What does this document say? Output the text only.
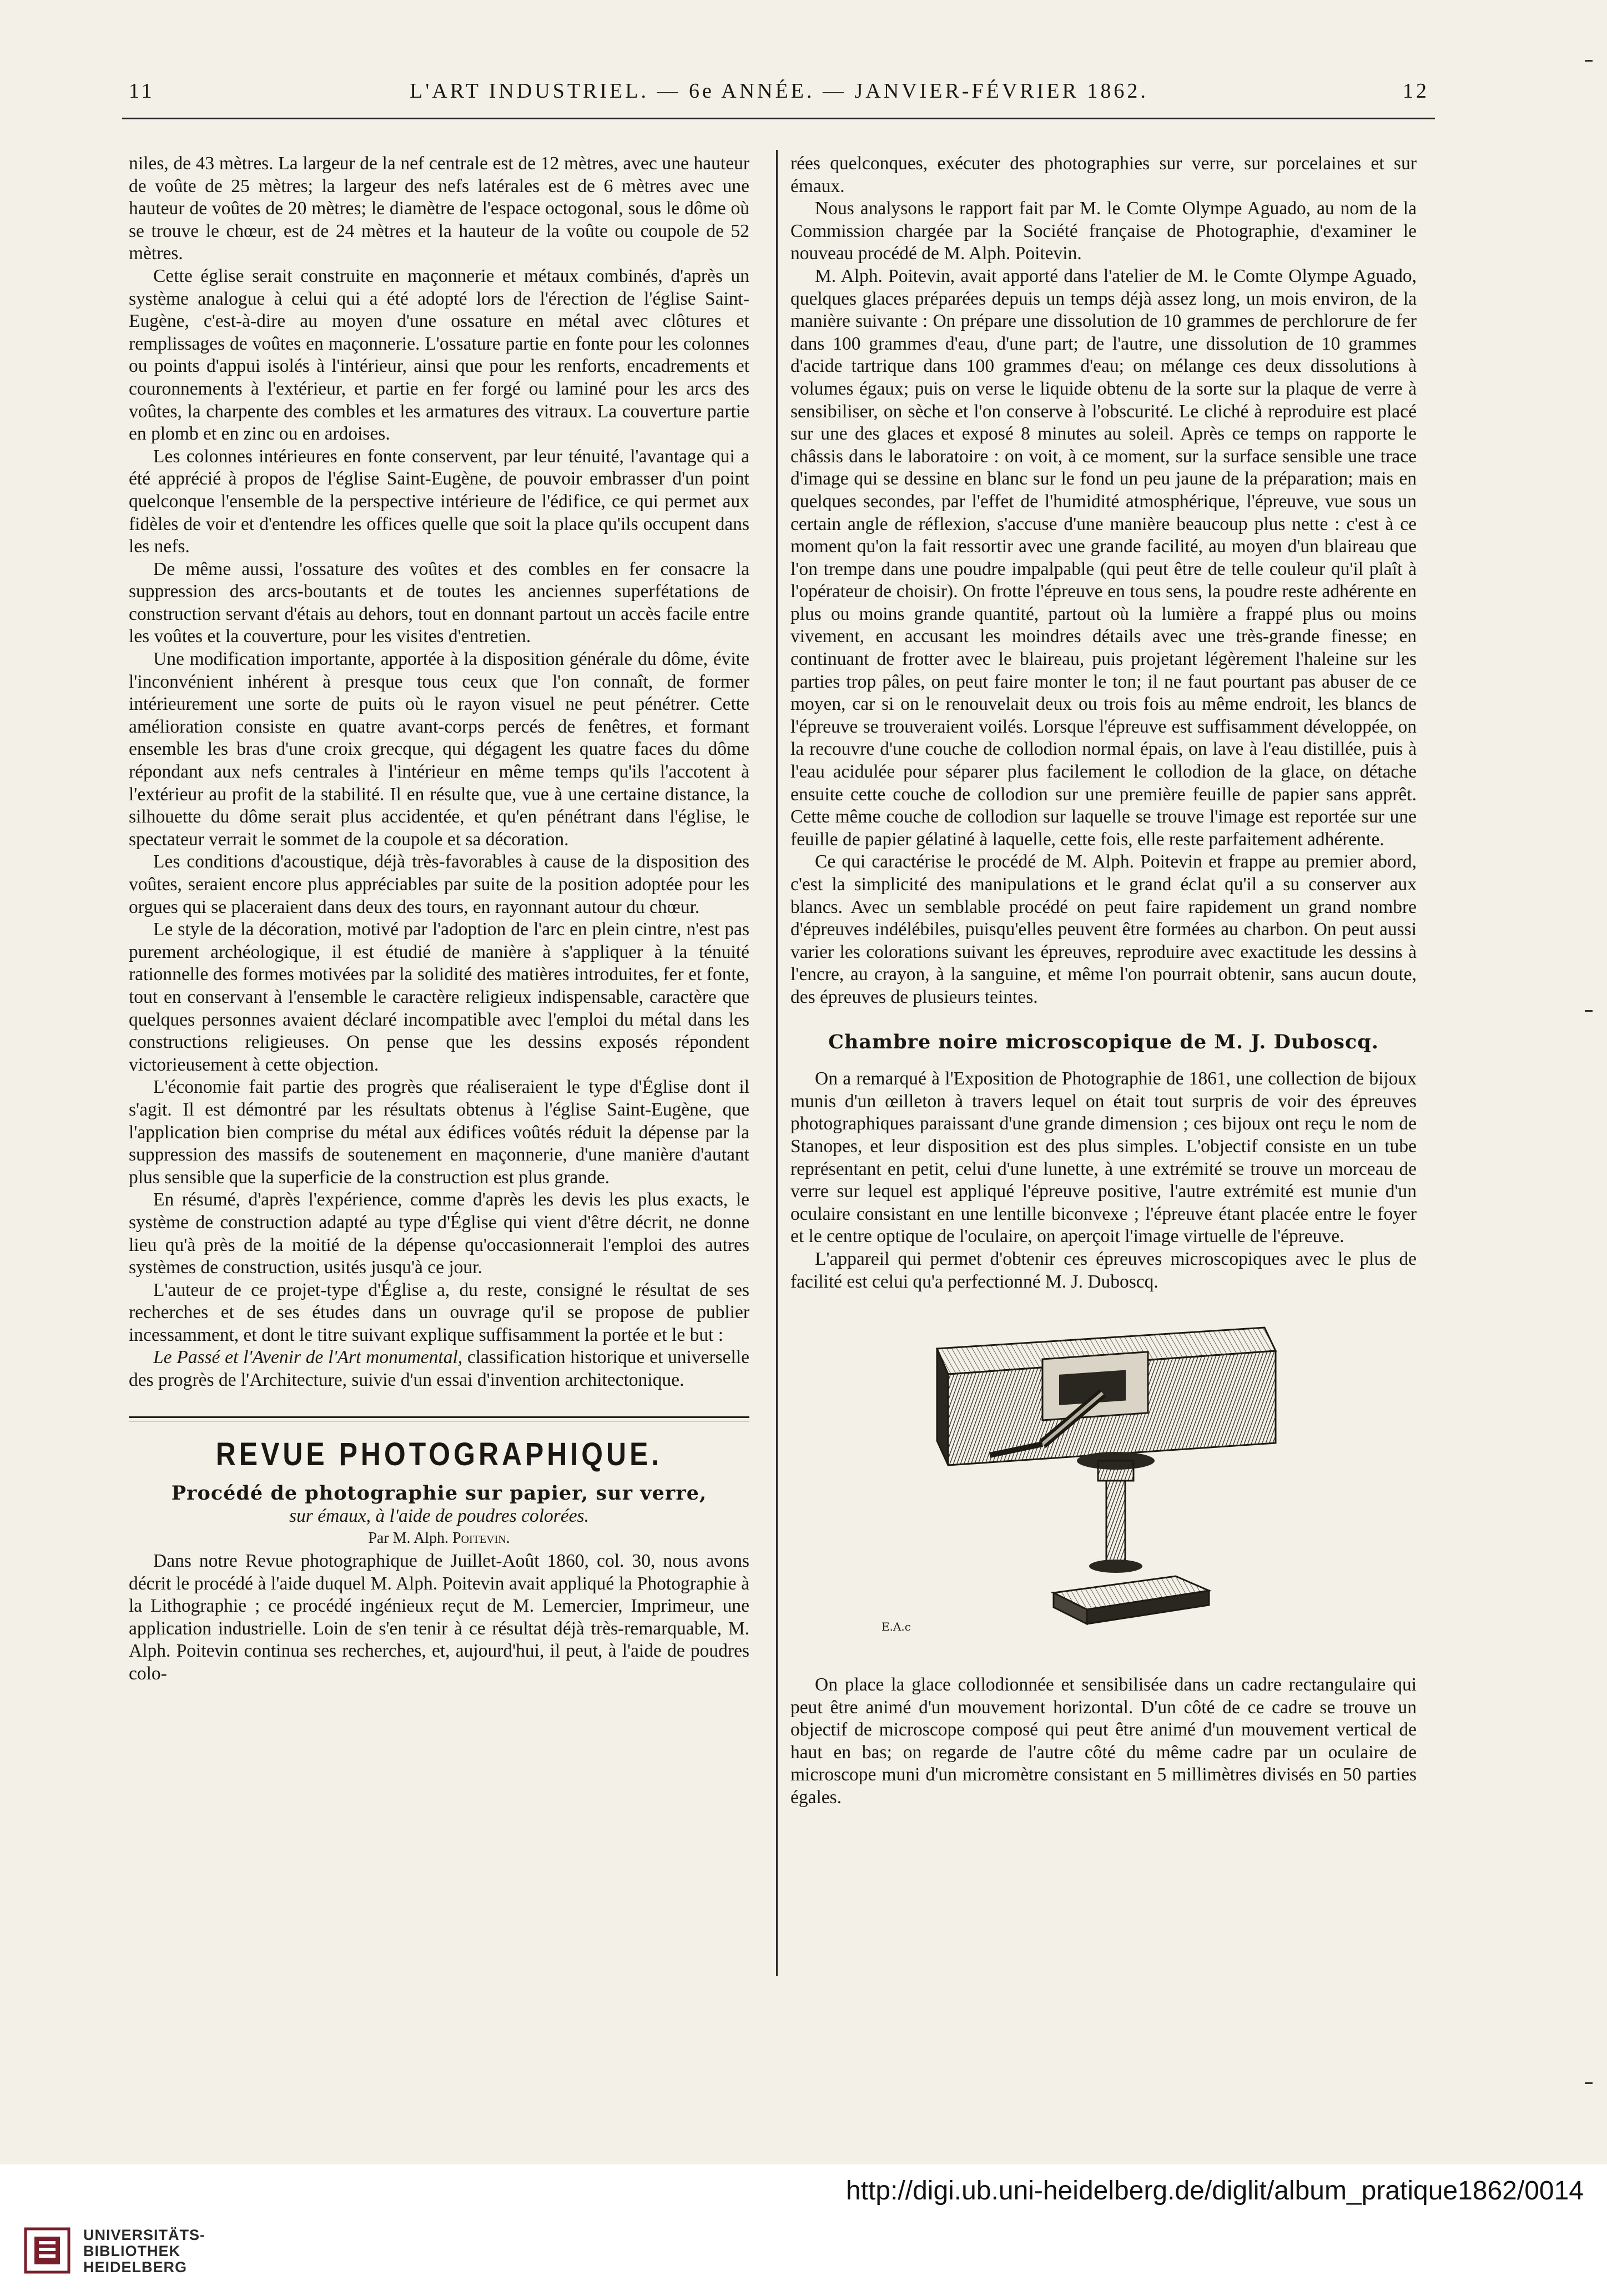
11	L'ART INDUSTRIEL. — 6e ANNÉE. — JANVIER-FÉVRIER 1862.	12

niles, de 43 mètres. La largeur de la nef centrale est de 12 mètres, avec une hauteur de voûte de 25 mètres; la largeur des nefs latérales est de 6 mètres avec une hauteur de voûtes de 20 mètres; le diamètre de l'espace octogonal, sous le dôme où se trouve le chœur, est de 24 mètres et la hauteur de la voûte ou coupole de 52 mètres.

Cette église serait construite en maçonnerie et métaux combinés, d'après un système analogue à celui qui a été adopté lors de l'érection de l'église Saint-Eugène, c'est-à-dire au moyen d'une ossature en métal avec clôtures et remplissages de voûtes en maçonnerie. L'ossature partie en fonte pour les colonnes ou points d'appui isolés à l'intérieur, ainsi que pour les renforts, encadrements et couronnements à l'extérieur, et partie en fer forgé ou laminé pour les arcs des voûtes, la charpente des combles et les armatures des vitraux. La couverture partie en plomb et en zinc ou en ardoises.

Les colonnes intérieures en fonte conservent, par leur ténuité, l'avantage qui a été apprécié à propos de l'église Saint-Eugène, de pouvoir embrasser d'un point quelconque l'ensemble de la perspective intérieure de l'édifice, ce qui permet aux fidèles de voir et d'entendre les offices quelle que soit la place qu'ils occupent dans les nefs.

De même aussi, l'ossature des voûtes et des combles en fer consacre la suppression des arcs-boutants et de toutes les anciennes superfétations de construction servant d'étais au dehors, tout en donnant partout un accès facile entre les voûtes et la couverture, pour les visites d'entretien.

Une modification importante, apportée à la disposition générale du dôme, évite l'inconvénient inhérent à presque tous ceux que l'on connaît, de former intérieurement une sorte de puits où le rayon visuel ne peut pénétrer. Cette amélioration consiste en quatre avant-corps percés de fenêtres, et formant ensemble les bras d'une croix grecque, qui dégagent les quatre faces du dôme répondant aux nefs centrales à l'intérieur en même temps qu'ils l'accotent à l'extérieur au profit de la stabilité. Il en résulte que, vue à une certaine distance, la silhouette du dôme serait plus accidentée, et qu'en pénétrant dans l'église, le spectateur verrait le sommet de la coupole et sa décoration.

Les conditions d'acoustique, déjà très-favorables à cause de la disposition des voûtes, seraient encore plus appréciables par suite de la position adoptée pour les orgues qui se placeraient dans deux des tours, en rayonnant autour du chœur.

Le style de la décoration, motivé par l'adoption de l'arc en plein cintre, n'est pas purement archéologique, il est étudié de manière à s'appliquer à la ténuité rationnelle des formes motivées par la solidité des matières introduites, fer et fonte, tout en conservant à l'ensemble le caractère religieux indispensable, caractère que quelques personnes avaient déclaré incompatible avec l'emploi du métal dans les constructions religieuses. On pense que les dessins exposés répondent victorieusement à cette objection.

L'économie fait partie des progrès que réaliseraient le type d'Église dont il s'agit. Il est démontré par les résultats obtenus à l'église Saint-Eugène, que l'application bien comprise du métal aux édifices voûtés réduit la dépense par la suppression des massifs de soutenement en maçonnerie, d'une manière d'autant plus sensible que la superficie de la construction est plus grande.

En résumé, d'après l'expérience, comme d'après les devis les plus exacts, le système de construction adapté au type d'Église qui vient d'être décrit, ne donne lieu qu'à près de la moitié de la dépense qu'occasionnerait l'emploi des autres systèmes de construction, usités jusqu'à ce jour.

L'auteur de ce projet-type d'Église a, du reste, consigné le résultat de ses recherches et de ses études dans un ouvrage qu'il se propose de publier incessamment, et dont le titre suivant explique suffisamment la portée et le but :

Le Passé et l'Avenir de l'Art monumental, classification historique et universelle des progrès de l'Architecture, suivie d'un essai d'invention architectonique.

REVUE PHOTOGRAPHIQUE.

Procédé de photographie sur papier, sur verre,

sur émaux, à l'aide de poudres colorées.

Par M. Alph. Poitevin.

Dans notre Revue photographique de Juillet-Août 1860, col. 30, nous avons décrit le procédé à l'aide duquel M. Alph. Poitevin avait appliqué la Photographie à la Lithographie ; ce procédé ingénieux reçut de M. Lemercier, Imprimeur, une application industrielle. Loin de s'en tenir à ce résultat déjà très-remarquable, M. Alph. Poitevin continua ses recherches, et, aujourd'hui, il peut, à l'aide de poudres colo-

rées quelconques, exécuter des photographies sur verre, sur porcelaines et sur émaux.

Nous analysons le rapport fait par M. le Comte Olympe Aguado, au nom de la Commission chargée par la Société française de Photographie, d'examiner le nouveau procédé de M. Alph. Poitevin.

M. Alph. Poitevin, avait apporté dans l'atelier de M. le Comte Olympe Aguado, quelques glaces préparées depuis un temps déjà assez long, un mois environ, de la manière suivante : On prépare une dissolution de 10 grammes de perchlorure de fer dans 100 grammes d'eau, d'une part; de l'autre, une dissolution de 10 grammes d'acide tartrique dans 100 grammes d'eau; on mélange ces deux dissolutions à volumes égaux; puis on verse le liquide obtenu de la sorte sur la plaque de verre à sensibiliser, on sèche et l'on conserve à l'obscurité. Le cliché à reproduire est placé sur une des glaces et exposé 8 minutes au soleil. Après ce temps on rapporte le châssis dans le laboratoire : on voit, à ce moment, sur la surface sensible une trace d'image qui se dessine en blanc sur le fond un peu jaune de la préparation; mais en quelques secondes, par l'effet de l'humidité atmosphérique, l'épreuve, vue sous un certain angle de réflexion, s'accuse d'une manière beaucoup plus nette : c'est à ce moment qu'on la fait ressortir avec une grande facilité, au moyen d'un blaireau que l'on trempe dans une poudre impalpable (qui peut être de telle couleur qu'il plaît à l'opérateur de choisir). On frotte l'épreuve en tous sens, la poudre reste adhérente en plus ou moins grande quantité, partout où la lumière a frappé plus ou moins vivement, en accusant les moindres détails avec une très-grande finesse; en continuant de frotter avec le blaireau, puis projetant légèrement l'haleine sur les parties trop pâles, on peut faire monter le ton; il ne faut pourtant pas abuser de ce moyen, car si on le renouvelait deux ou trois fois au même endroit, les blancs de l'épreuve se trouveraient voilés. Lorsque l'épreuve est suffisamment développée, on la recouvre d'une couche de collodion normal épais, on lave à l'eau distillée, puis à l'eau acidulée pour séparer plus facilement le collodion de la glace, on détache ensuite cette couche de collodion sur une première feuille de papier sans apprêt. Cette même couche de collodion sur laquelle se trouve l'image est reportée sur une feuille de papier gélatiné à laquelle, cette fois, elle reste parfaitement adhérente.

Ce qui caractérise le procédé de M. Alph. Poitevin et frappe au premier abord, c'est la simplicité des manipulations et le grand éclat qu'il a su conserver aux blancs. Avec un semblable procédé on peut faire rapidement un grand nombre d'épreuves indélébiles, puisqu'elles peuvent être formées au charbon. On peut aussi varier les colorations suivant les épreuves, reproduire avec exactitude les dessins à l'encre, au crayon, à la sanguine, et même l'on pourrait obtenir, sans aucun doute, des épreuves de plusieurs teintes.

Chambre noire microscopique de M. J. Duboscq.

On a remarqué à l'Exposition de Photographie de 1861, une collection de bijoux munis d'un œilleton à travers lequel on était tout surpris de voir des épreuves photographiques paraissant d'une grande dimension ; ces bijoux ont reçu le nom de Stanopes, et leur disposition est des plus simples. L'objectif consiste en un tube représentant en petit, celui d'une lunette, à une extrémité se trouve un morceau de verre sur lequel est appliqué l'épreuve positive, l'autre extrémité est munie d'un oculaire consistant en une lentille biconvexe ; l'épreuve étant placée entre le foyer et le centre optique de l'oculaire, on aperçoit l'image virtuelle de l'épreuve.

L'appareil qui permet d'obtenir ces épreuves microscopiques avec le plus de facilité est celui qu'a perfectionné M. J. Duboscq.

E.A.c

On place la glace collodionnée et sensibilisée dans un cadre rectangulaire qui peut être animé d'un mouvement horizontal. D'un côté de ce cadre se trouve un objectif de microscope composé qui peut être animé d'un mouvement vertical de haut en bas; on regarde de l'autre côté du même cadre par un oculaire de microscope muni d'un micromètre consistant en 5 millimètres divisés en 50 parties égales.

UNIVERSITÄTS-
BIBLIOTHEK
HEIDELBERG
http://digi.ub.uni-heidelberg.de/diglit/album_pratique1862/0014
